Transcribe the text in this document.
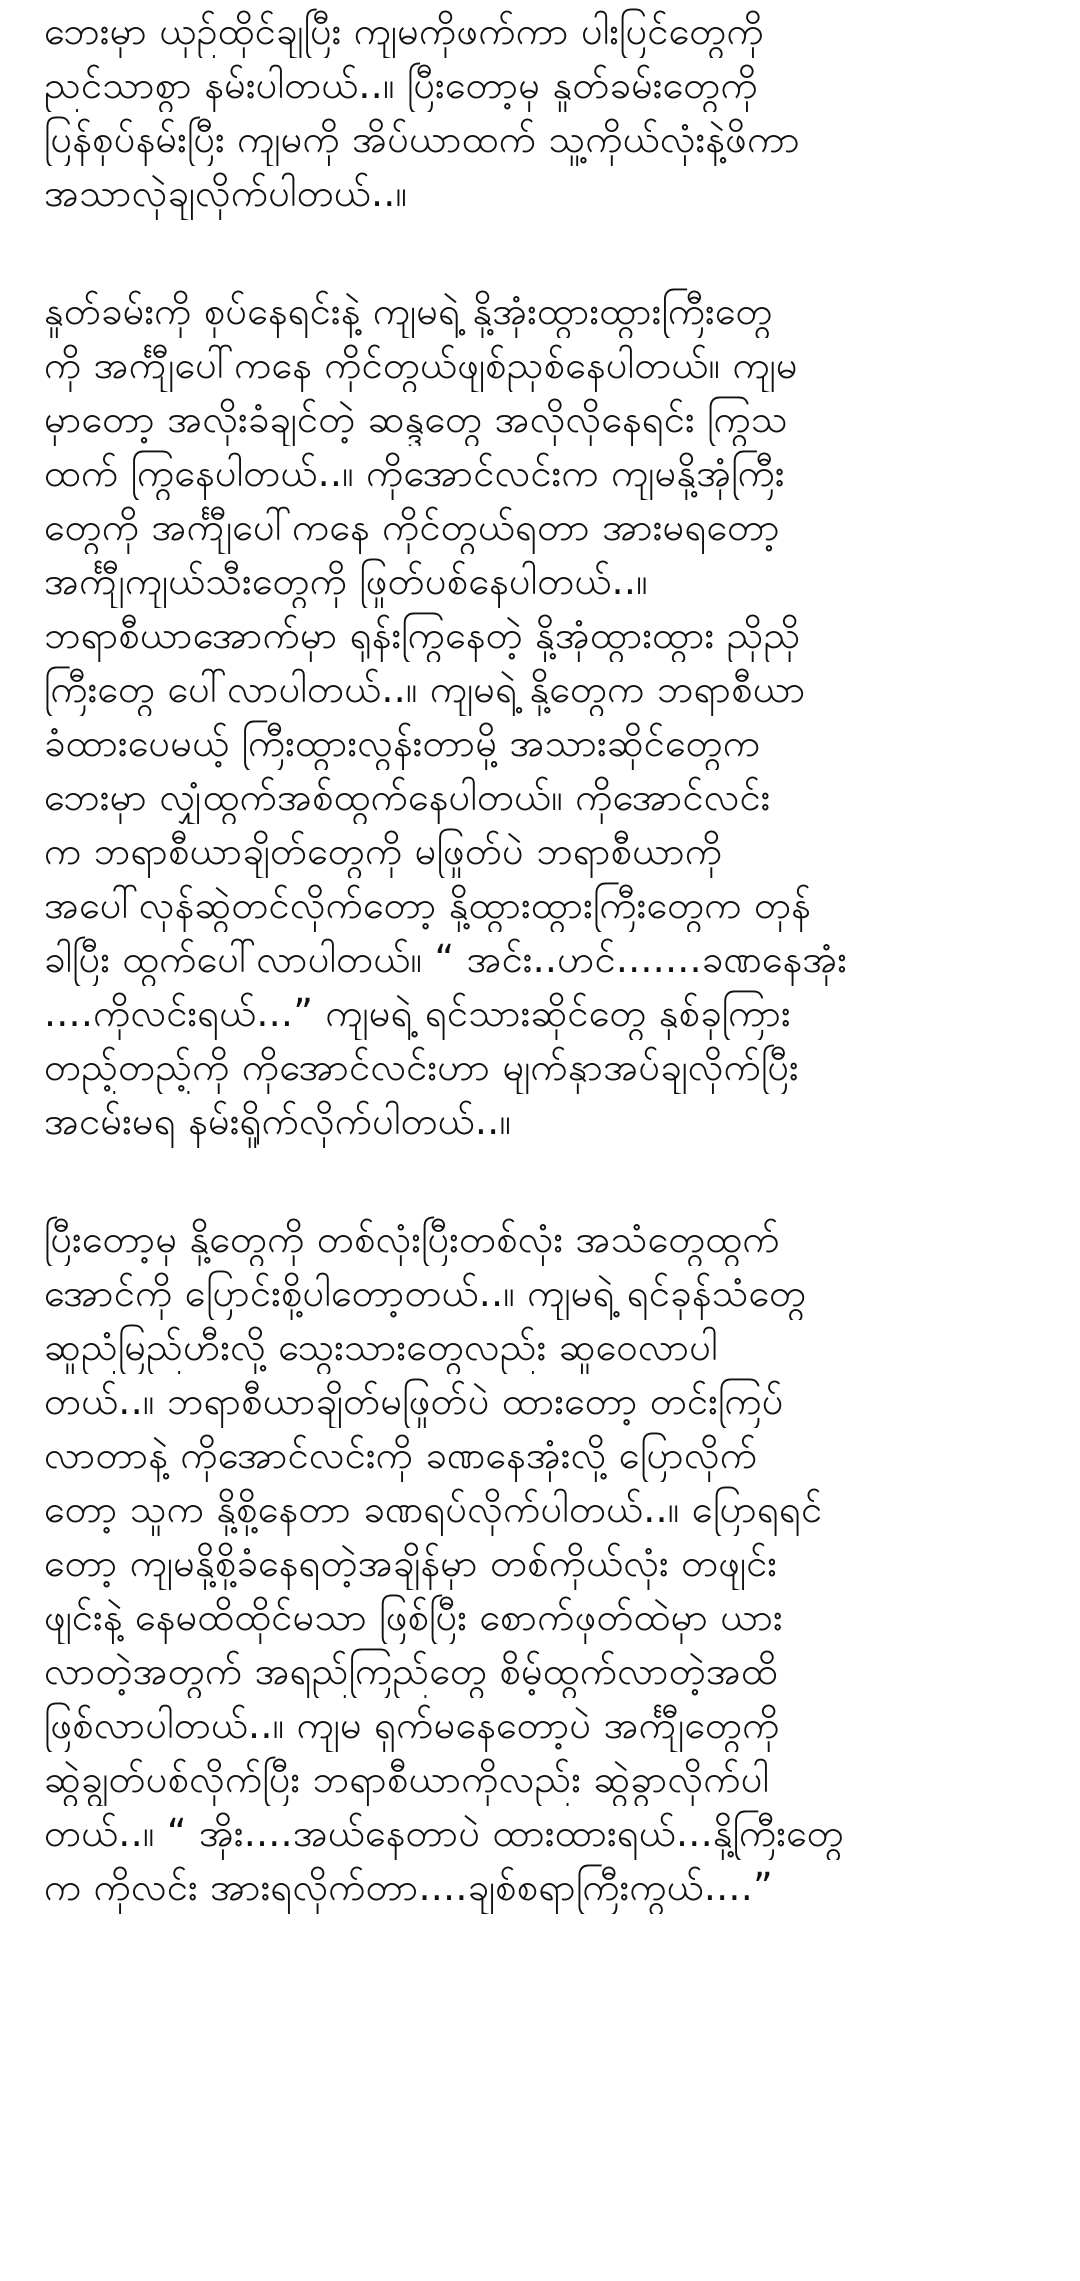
ဘေးမှာ ယှဉ်ထိုင်ချပြီး ကျမကိုဖက်ကာ ပါးပြင်တွေကို
ညင်သာစွာ နမ်းပါတယ်..။ ပြီးတော့မှ နှုတ်ခမ်းတွေကို
ပြန်စုပ်နမ်းပြီး ကျမကို အိပ်ယာထက် သူ့ကိုယ်လုံးနဲ့ဖိကာ
အသာလှဲချလိုက်ပါတယ်..။
နှုတ်ခမ်းကို စုပ်နေရင်းနဲ့ ကျမရဲ့ နို့အုံးထွားထွားကြီးတွေ
ကို အင်္ကျီပေါ်ကနေ ကိုင်တွယ်ဖျစ်ညှစ်နေပါတယ်။ ကျမ
မှာတော့ အလိုးခံချင်တဲ့ ဆန္ဒတွေ အလိုလိုနေရင်း ကြွသ
ထက် ကြွနေပါတယ်..။ ကိုအောင်လင်းက ကျမနို့အုံကြီး
တွေကို အင်္ကျီပေါ်ကနေ ကိုင်တွယ်ရတာ အားမရတော့
အင်္ကျီကျယ်သီးတွေကို ဖြုတ်ပစ်နေပါတယ်..။
ဘရာစီယာအောက်မှာ ရုန်းကြွနေတဲ့ နို့အုံထွားထွား ညိုညို
ကြီးတွေ ပေါ်လာပါတယ်..။ ကျမရဲ့ နို့တွေက ဘရာစီယာ
ခံထားပေမယ့် ကြီးထွားလွန်းတာမို့ အသားဆိုင်တွေက
ဘေးမှာ လျှံထွက်အစ်ထွက်နေပါတယ်။ ကိုအောင်လင်း
က ဘရာစီယာချိတ်တွေကို မဖြုတ်ပဲ ဘရာစီယာကို
အပေါ်လှန်ဆွဲတင်လိုက်တော့ နို့ထွားထွားကြီးတွေက တုန်
ခါပြီး ထွက်ပေါ်လာပါတယ်။ “ အင်း..ဟင်.......ခဏနေအုံး
....ကိုလင်းရယ်...” ကျမရဲ့ ရင်သားဆိုင်တွေ နှစ်ခုကြား
တည့်တည့်ကို ကိုအောင်လင်းဟာ မျက်နှာအပ်ချလိုက်ပြီး
အငမ်းမရ နမ်းရှိုက်လိုက်ပါတယ်..။
ပြီးတော့မှ နို့တွေကို တစ်လုံးပြီးတစ်လုံး အသံတွေထွက်
အောင်ကို ပြောင်းစို့ပါတော့တယ်..။ ကျမရဲ့ ရင်ခုန်သံတွေ
ဆူညံမြည်ဟီးလို့ သွေးသားတွေလည်း ဆူဝေလာပါ
တယ်..။ ဘရာစီယာချိတ်မဖြုတ်ပဲ ထားတော့ တင်းကြပ်
လာတာနဲ့ ကိုအောင်လင်းကို ခဏနေအုံးလို့ ပြောလိုက်
တော့ သူက နို့စို့နေတာ ခဏရပ်လိုက်ပါတယ်..။ ပြောရရင်
တော့ ကျမနို့စို့ခံနေရတဲ့အချိန်မှာ တစ်ကိုယ်လုံး တဖျင်း
ဖျင်းနဲ့ နေမထိထိုင်မသာ ဖြစ်ပြီး စောက်ဖုတ်ထဲမှာ ယား
လာတဲ့အတွက် အရည်ကြည်တွေ စိမ့်ထွက်လာတဲ့အထိ
ဖြစ်လာပါတယ်..။ ကျမ ရှက်မနေတော့ပဲ အင်္ကျီတွေကို
ဆွဲချွတ်ပစ်လိုက်ပြီး ဘရာစီယာကိုလည်း ဆွဲခွာလိုက်ပါ
တယ်..။ “ အိုး....အယ်နေတာပဲ ထားထားရယ်...နို့ကြီးတွေ
က ကိုလင်း အားရလိုက်တာ....ချစ်စရာကြီးကွယ်....”
